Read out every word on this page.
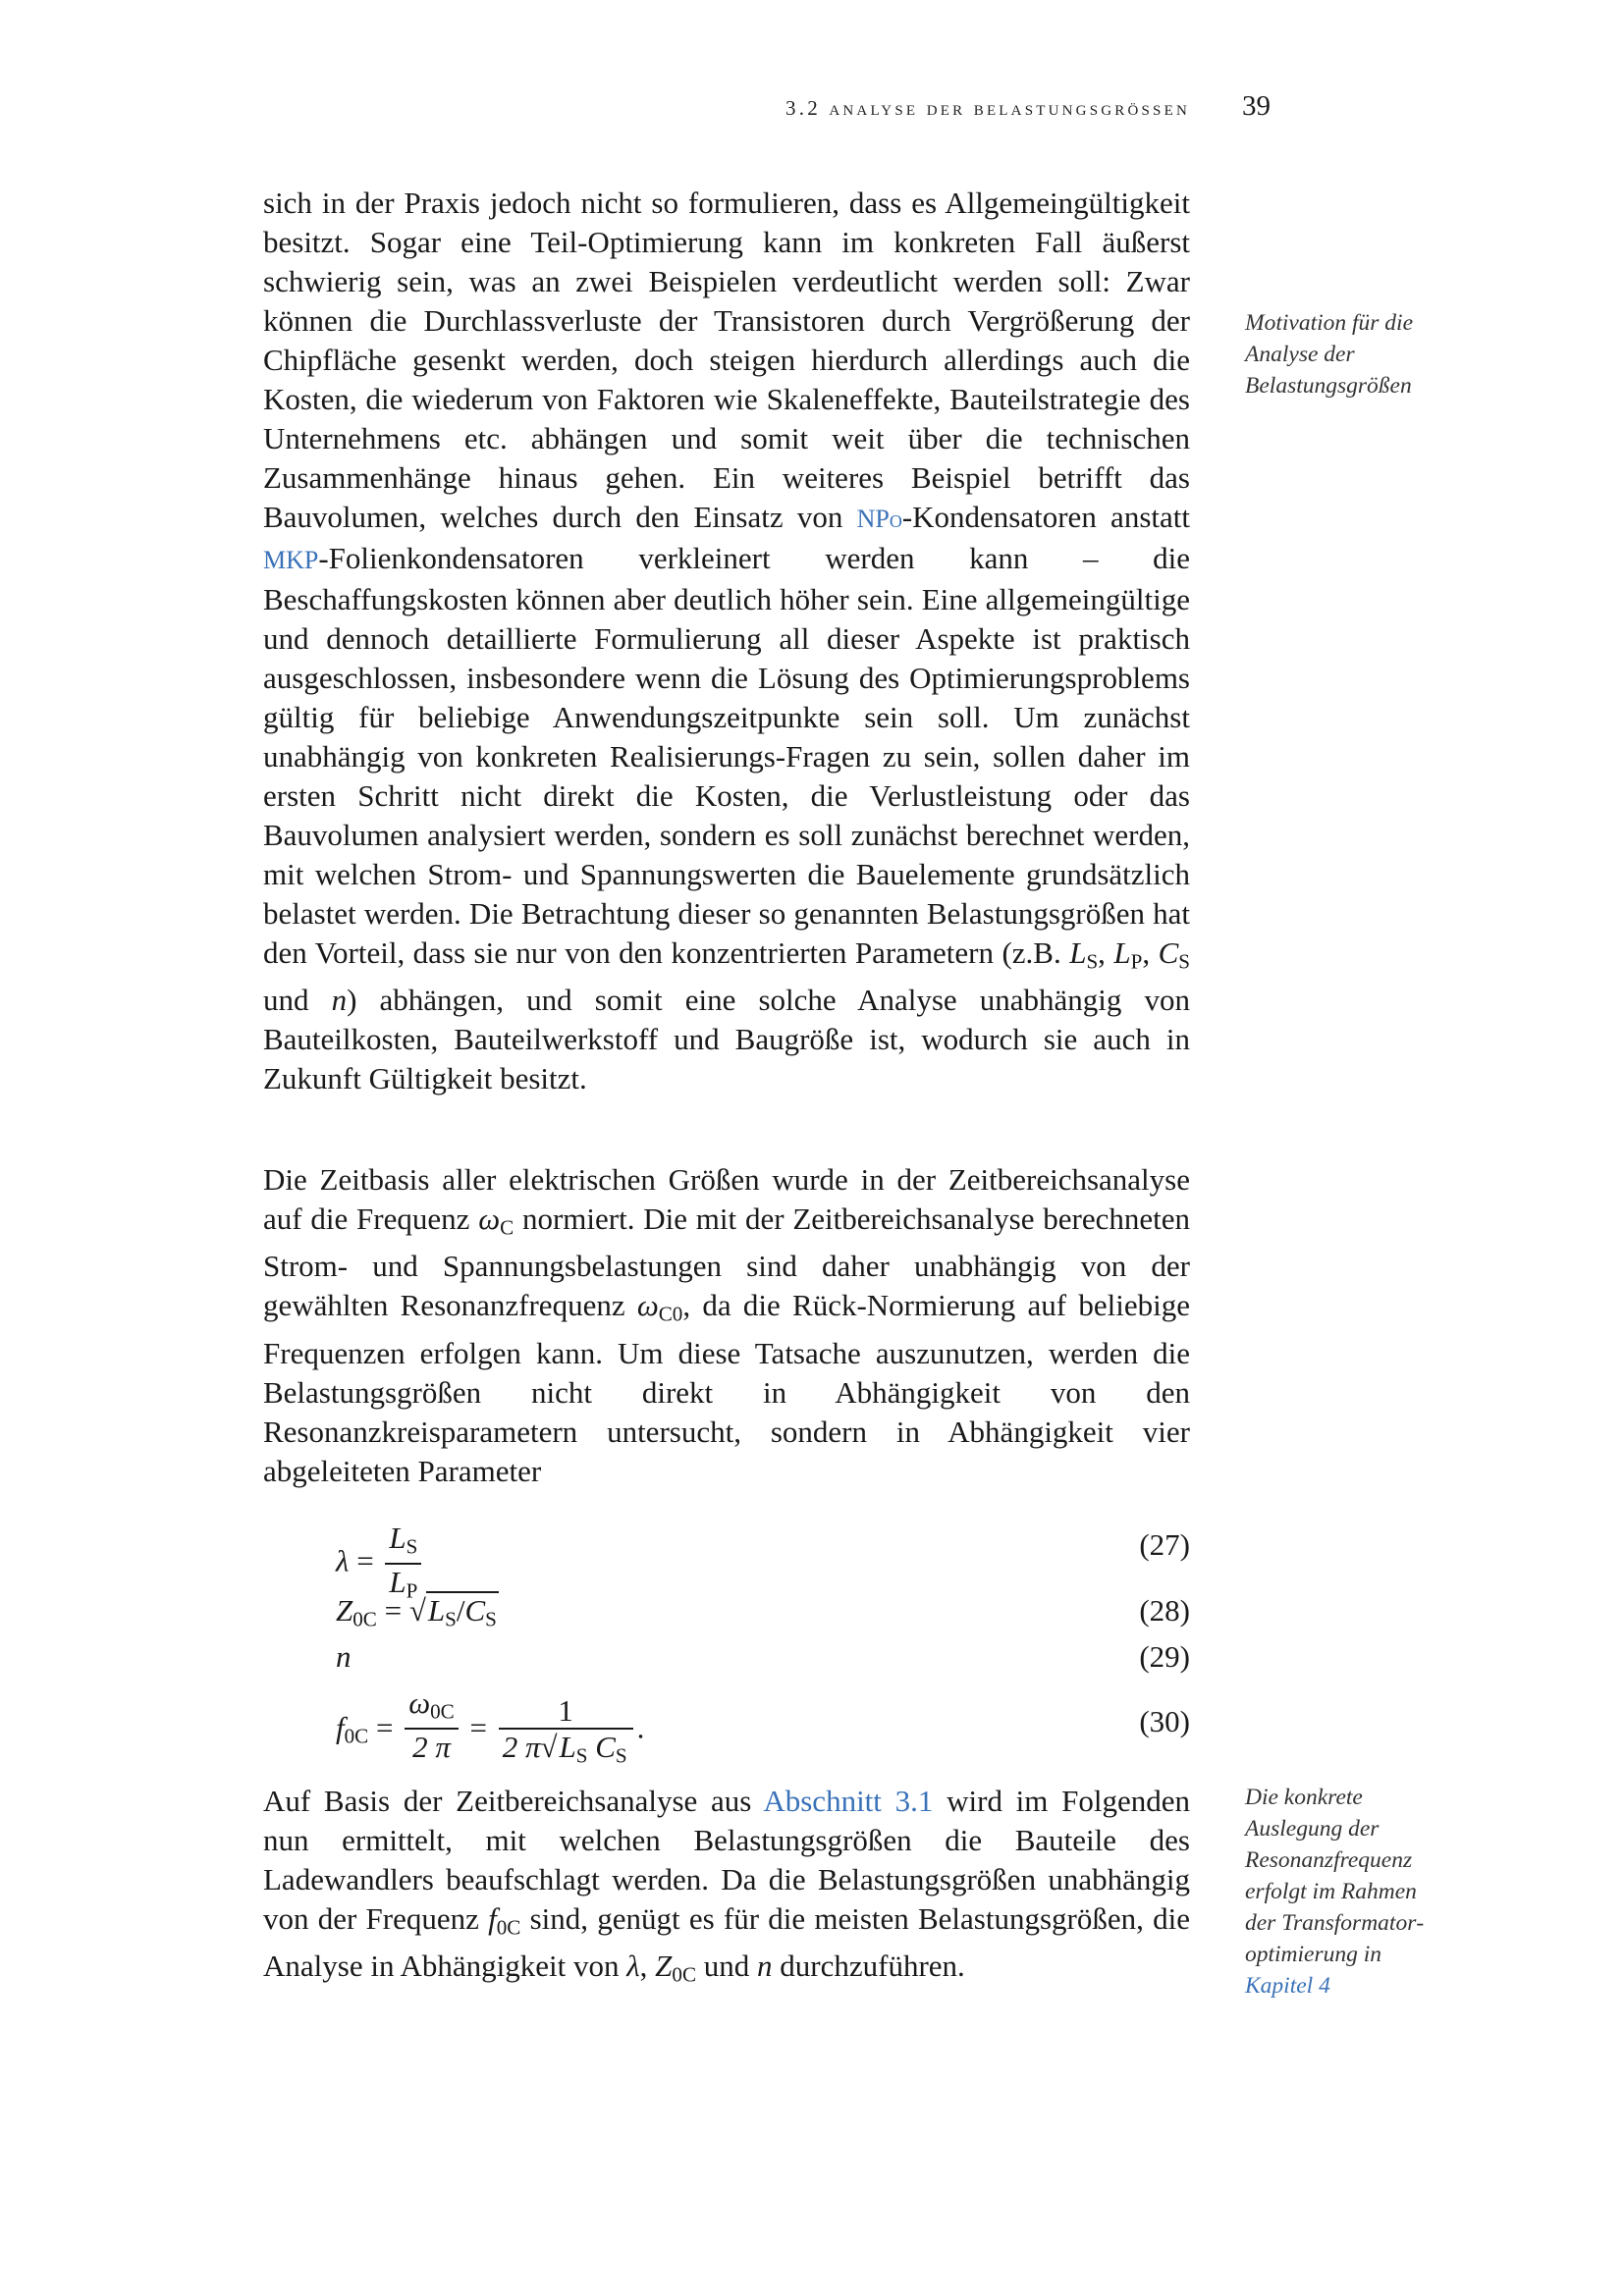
3.2 analyse der belastungsgrössen 39

sich in der Praxis jedoch nicht so formulieren, dass es Allgemeingültigkeit besitzt. Sogar eine Teil-Optimierung kann im konkreten Fall äußerst schwierig sein, was an zwei Beispielen verdeutlicht werden soll: Zwar können die Durchlassverluste der Transistoren durch Vergrößerung der Chipfläche gesenkt werden, doch steigen hierdurch allerdings auch die Kosten, die wiederum von Faktoren wie Skaleneffekte, Bauteilstrategie des Unternehmens etc. abhängen und somit weit über die technischen Zusammenhänge hinaus gehen. Ein weiteres Beispiel betrifft das Bauvolumen, welches durch den Einsatz von NPo-Kondensatoren anstatt MKP-Folienkondensatoren verkleinert werden kann – die Beschaffungskosten können aber deutlich höher sein. Eine allgemeingültige und dennoch detaillierte Formulierung all dieser Aspekte ist praktisch ausgeschlossen, insbesondere wenn die Lösung des Optimierungsproblems gültig für beliebige Anwendungszeitpunkte sein soll. Um zunächst unabhängig von konkreten Realisierungs-Fragen zu sein, sollen daher im ersten Schritt nicht direkt die Kosten, die Verlustleistung oder das Bauvolumen analysiert werden, sondern es soll zunächst berechnet werden, mit welchen Strom- und Spannungswerten die Bauelemente grundsätzlich belastet werden. Die Betrachtung dieser so genannten Belastungsgrößen hat den Vorteil, dass sie nur von den konzentrierten Parametern (z.B. $L_S$, $L_P$, $C_S$ und n) abhängen, und somit eine solche Analyse unabhängig von Bauteilkosten, Bauteilwerkstoff und Baugröße ist, wodurch sie auch in Zukunft Gültigkeit besitzt.

Motivation für die Analyse der Belastungsgrößen

Die Zeitbasis aller elektrischen Größen wurde in der Zeitbereichsanalyse auf die Frequenz $\omega_C$ normiert. Die mit der Zeitbereichsanalyse berechneten Strom- und Spannungsbelastungen sind daher unabhängig von der gewählten Resonanzfrequenz $\omega_{C0}$, da die Rück-Normierung auf beliebige Frequenzen erfolgen kann. Um diese Tatsache auszunutzen, werden die Belastungsgrößen nicht direkt in Abhängigkeit von den Resonanzkreisparametern untersucht, sondern in Abhängigkeit vier abgeleiteten Parameter

$\lambda = \frac{L_S}{L_P}$	(27)
$Z_{0C} = √L_S/C_S$	(28)
n	(29)
$f_{0C} = \frac{\omega_{0C}}{2 \pi} = \frac{1}{2 \pi√L_S C_S}$ .	(30)

Auf Basis der Zeitbereichsanalyse aus Abschnitt 3.1 wird im Folgenden nun ermittelt, mit welchen Belastungsgrößen die Bauteile des Ladewandlers beaufschlagt werden. Da die Belastungsgrößen unabhängig von der Frequenz $f_{0C}$ sind, genügt es für die meisten Belastungsgrößen, die Analyse in Abhängigkeit von λ, $Z_{0C}$ und n durchzuführen.

Die konkrete Auslegung der Resonanzfrequenz erfolgt im Rahmen der Transformatoroptimierung in Kapitel 4
